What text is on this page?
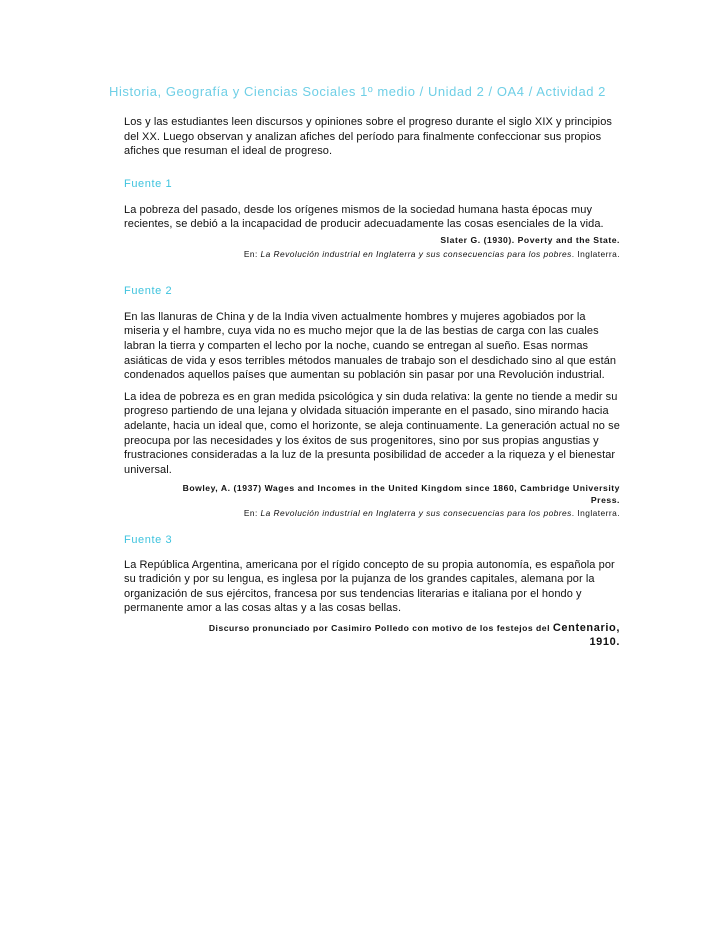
Historia, Geografía y Ciencias Sociales 1º medio / Unidad 2 / OA4 / Actividad 2

Los y las estudiantes leen discursos y opiniones sobre el progreso durante el siglo XIX y principios del XX. Luego observan y analizan afiches del período para finalmente confeccionar sus propios afiches que resuman el ideal de progreso.

Fuente 1

La pobreza del pasado, desde los orígenes mismos de la sociedad humana hasta épocas muy recientes, se debió a la incapacidad de producir adecuadamente las cosas esenciales de la vida.

Slater G. (1930). Poverty and the State.

En: La Revolución industrial en Inglaterra y sus consecuencias para los pobres. Inglaterra.

Fuente 2

En las llanuras de China y de la India viven actualmente hombres y mujeres agobiados por la miseria y el hambre, cuya vida no es mucho mejor que la de las bestias de carga con las cuales labran la tierra y comparten el lecho por la noche, cuando se entregan al sueño. Esas normas asiáticas de vida y esos terribles métodos manuales de trabajo son el desdichado sino al que están condenados aquellos países que aumentan su población sin pasar por una Revolución industrial.

La idea de pobreza es en gran medida psicológica y sin duda relativa: la gente no tiende a medir su progreso partiendo de una lejana y olvidada situación imperante en el pasado, sino mirando hacia adelante, hacia un ideal que, como el horizonte, se aleja continuamente. La generación actual no se preocupa por las necesidades y los éxitos de sus progenitores, sino por sus propias angustias y frustraciones consideradas a la luz de la presunta posibilidad de acceder a la riqueza y el bienestar universal.

Bowley, A. (1937) Wages and Incomes in the United Kingdom since 1860, Cambridge University Press.

En: La Revolución industrial en Inglaterra y sus consecuencias para los pobres. Inglaterra.

Fuente 3

La República Argentina, americana por el rígido concepto de su propia autonomía, es española por su tradición y por su lengua, es inglesa por la pujanza de los grandes capitales, alemana por la organización de sus ejércitos, francesa por sus tendencias literarias e italiana por el hondo y permanente amor a las cosas altas y a las cosas bellas.

Discurso pronunciado por Casimiro Polledo con motivo de los festejos del Centenario,
1910.
